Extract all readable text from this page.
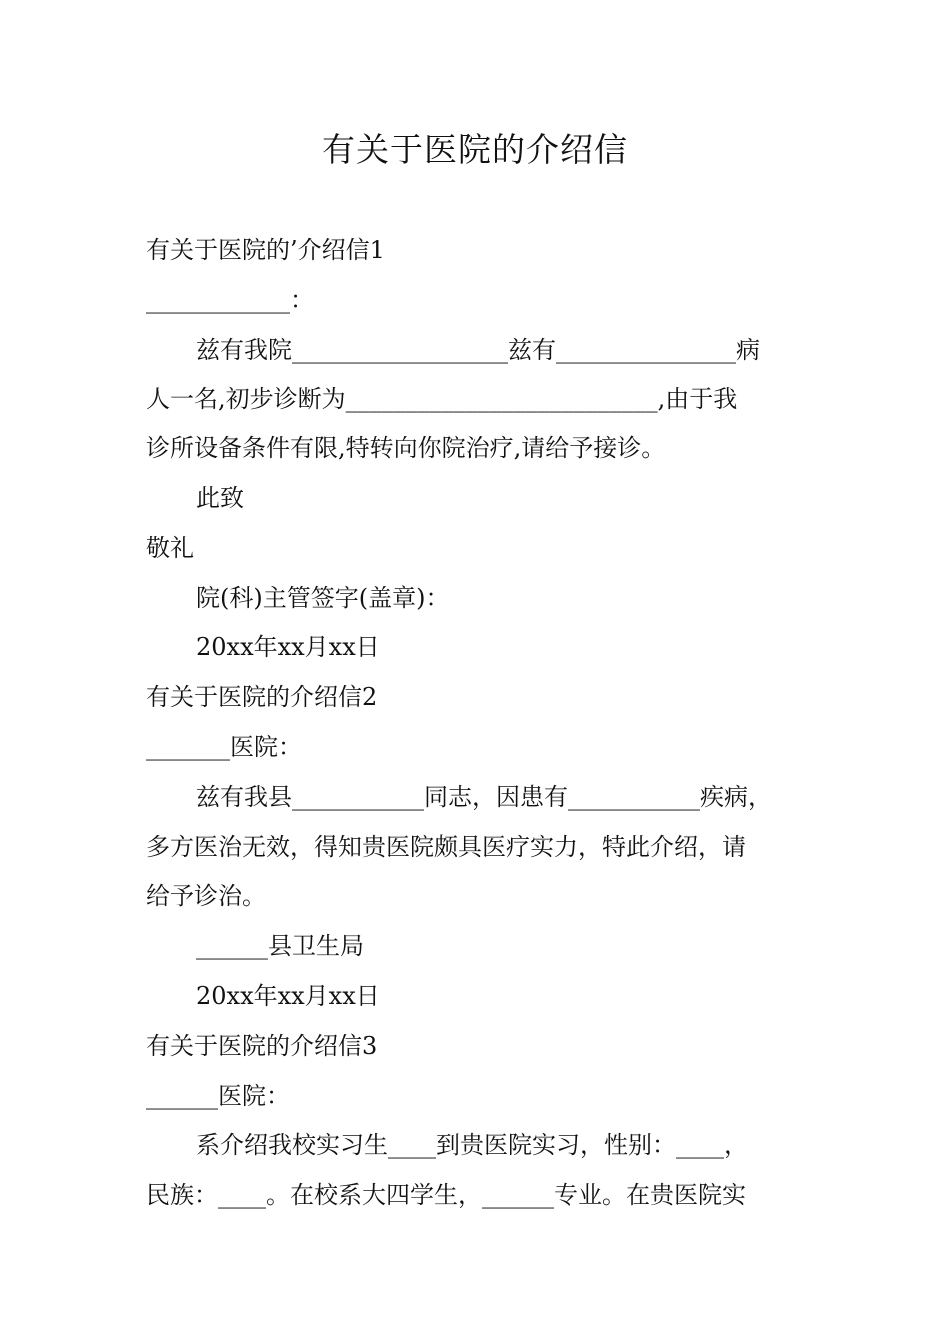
有关于医院的介绍信
有关于医院的’介绍信1
____________：
兹有我院__________________兹有_______________病
人一名,初步诊断为__________________________,由于我
诊所设备条件有限,特转向你院治疗,请给予接诊。
此致
敬礼
院(科)主管签字(盖章)：
20xx年xx月xx日
有关于医院的介绍信2
_______医院：
兹有我县___________同志，因患有___________疾病，
多方医治无效，得知贵医院颇具医疗实力，特此介绍，请
给予诊治。
______县卫生局
20xx年xx月xx日
有关于医院的介绍信3
______医院：
系介绍我校实习生____到贵医院实习，性别：____，
民族：____。在校系大四学生，______专业。在贵医院实
